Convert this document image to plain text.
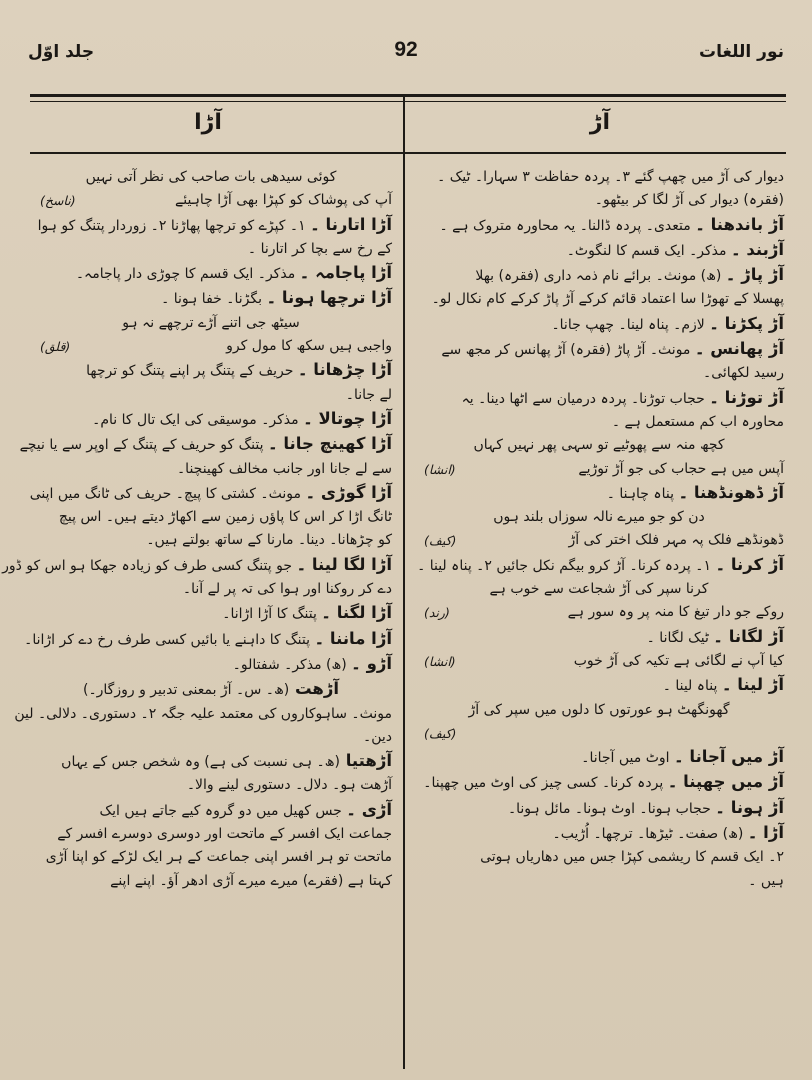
جلد اوّل	92	نور اللغات
آڑ
آڑا
دیوار کی آڑ میں چھپ گئے ۳۔ پردہ حفاظت ۳ سہارا۔ ٹیک ۔
(فقرہ) دیوار کی آڑ لگا کر بیٹھو۔
آڑ باندھنا ۔ متعدی۔ پردہ ڈالنا۔ یہ محاورہ متروک ہے ۔
آڑبند ۔ مذکر۔ ایک قسم کا لنگوٹ۔
آڑ پاڑ ۔ (ھ) مونث۔ برائے نام ذمہ داری (فقرہ) بھلا
پھسلا کے تھوڑا سا اعتماد قائم کرکے آڑ پاڑ کرکے کام نکال لو۔
آڑ پکڑنا ۔ لازم۔ پناہ لینا۔ چھپ جانا۔
آڑ پھانس ۔ مونث۔ آڑ پاڑ (فقرہ) آڑ پھانس کر مجھ سے
رسید لکھائی۔
آڑ توڑنا ۔ حجاب توڑنا۔ پردہ درمیان سے اٹھا دینا۔ یہ
محاورہ اب کم مستعمل ہے ۔
کچھ منہ سے پھوٹیے تو سہی پھر نہیں کہاں
آپس میں ہے حجاب کی جو آڑ توڑیے
(انشا)
آڑ ڈھونڈھنا ۔ پناہ چاہنا ۔
دن کو جو میرے نالہ سوزاں بلند ہوں
ڈھونڈھے فلک پہ مہر فلک اختر کی آڑ
(کیف)
آڑ کرنا ۔ ۱۔ پردہ کرنا۔ آڑ کرو بیگم نکل جائیں ۲۔ پناہ لینا ۔
کرنا سپر کی آڑ شجاعت سے خوب ہے
روکے جو دار تیغ کا منہ پر وہ سور ہے
(رند)
آڑ لگانا ۔ ٹیک لگانا ۔
کیا آپ نے لگائی ہے تکیہ کی آڑ خوب
(انشا)
آڑ لینا ۔ پناہ لینا ۔
گھونگھٹ ہو عورتوں کا دلوں میں سپر کی آڑ
(کیف)
آڑ میں آجانا ۔ اوٹ میں آجانا۔
آڑ میں چھپنا ۔ پردہ کرنا۔ کسی چیز کی اوٹ میں چھپنا۔
آڑ ہونا ۔ حجاب ہونا۔ اوٹ ہونا۔ مائل ہونا۔
آڑا ۔ (ھ) صفت۔ ٹیڑھا۔ ترچھا۔ اُڑیب۔
۲۔ ایک قسم کا ریشمی کپڑا جس میں دھاریاں ہوتی
ہیں ۔
کوئی سیدھی بات صاحب کی نظر آتی نہیں
آپ کی پوشاک کو کپڑا بھی آڑا چاہیئے
(ناسخ)
آڑا اتارنا ۔ ۱۔ کپڑے کو ترچھا پھاڑنا ۲۔ زوردار پتنگ کو ہوا
کے رخ سے بچا کر اتارنا ۔
آڑا پاجامہ ۔ مذکر۔ ایک قسم کا چوڑی دار پاجامہ۔
آڑا ترچھا ہونا ۔ بگڑنا۔ خفا ہونا ۔
سیٹھ جی اتنے آڑے ترچھے نہ ہو
واجبی ہیں سکھ کا مول کرو
(قلق)
آڑا چڑھانا ۔ حریف کے پتنگ پر اپنے پتنگ کو ترچھا
لے جانا۔
آڑا چوتالا ۔ مذکر۔ موسیقی کی ایک تال کا نام۔
آڑا کھینچ جانا ۔ پتنگ کو حریف کے پتنگ کے اوپر سے یا نیچے
سے لے جانا اور جانب مخالف کھینچنا۔
آڑا گوڑی ۔ مونث۔ کشتی کا پیچ۔ حریف کی ٹانگ میں اپنی
ٹانگ اڑا کر اس کا پاؤں زمین سے اکھاڑ دیتے ہیں۔ اس پیچ
کو چڑھانا۔ دینا۔ مارنا کے ساتھ بولتے ہیں۔
آڑا لگا لینا ۔ جو پتنگ کسی طرف کو زیادہ جھکا ہو اس کو ڈور
دے کر روکنا اور ہوا کی تہ پر لے آنا۔
آڑا لگنا ۔ پتنگ کا آڑا اڑانا۔
آڑا ماننا ۔ پتنگ کا داہنے یا بائیں کسی طرف رخ دے کر اڑانا۔
آڑو ۔ (ھ) مذکر۔ شفتالو۔
آڑھت (ھ۔ س۔ آڑ بمعنی تدبیر و روزگار۔)
مونث۔ ساہوکاروں کی معتمد علیہ جگہ ۲۔ دستوری۔ دلالی۔ لین
دین۔
آڑھتیا (ھ۔ ہی نسبت کی ہے) وہ شخص جس کے یہاں
آڑھت ہو۔ دلال۔ دستوری لینے والا۔
آڑی ۔ جس کھیل میں دو گروہ کیے جاتے ہیں ایک
جماعت ایک افسر کے ماتحت اور دوسری دوسرے افسر کے
ماتحت تو ہر افسر اپنی جماعت کے ہر ایک لڑکے کو اپنا آڑی
کہتا ہے (فقرے) میرے میرے آڑی ادھر آؤ۔ اپنے اپنے
